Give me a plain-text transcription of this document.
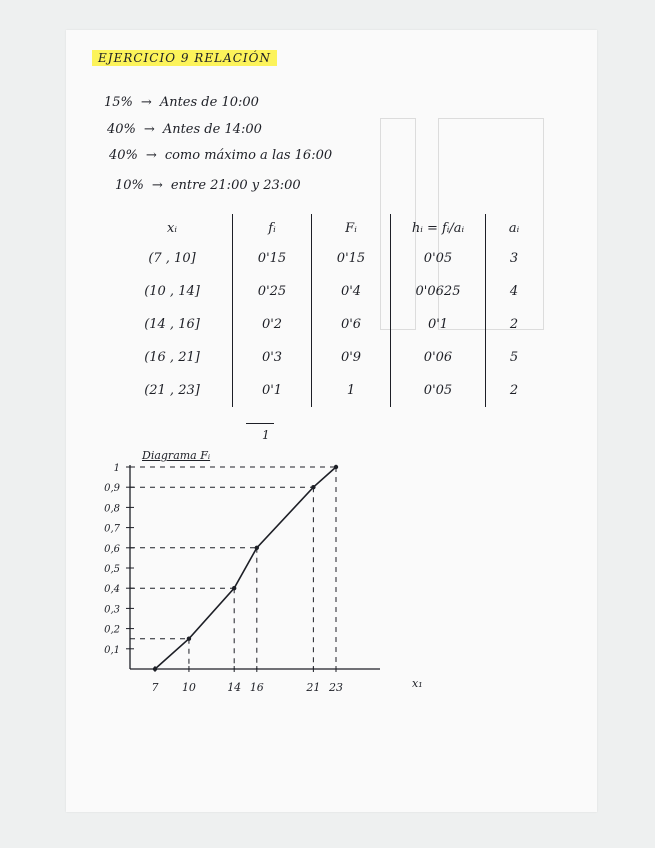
EJERCICIO 9 RELACIÓN
15% → Antes de 10:00
40% → Antes de 14:00
40% → como máximo a las 16:00
10% → entre 21:00 y 23:00
xᵢ	fᵢ	Fᵢ	hᵢ = fᵢ/aᵢ	aᵢ
(7 , 10]	0'15	0'15	0'05	3
(10 , 14]	0'25	0'4	0'0625	4
(14 , 16]	0'2	0'6	0'1	2
(16 , 21]	0'3	0'9	0'06	5
(21 , 23]	0'1	1	0'05	2
1
Diagrama Fᵢ
1
0,9
0,8
0,7
0,6
0,5
0,4
0,3
0,2
0,1
7 10	14 16	21 23	x₁
